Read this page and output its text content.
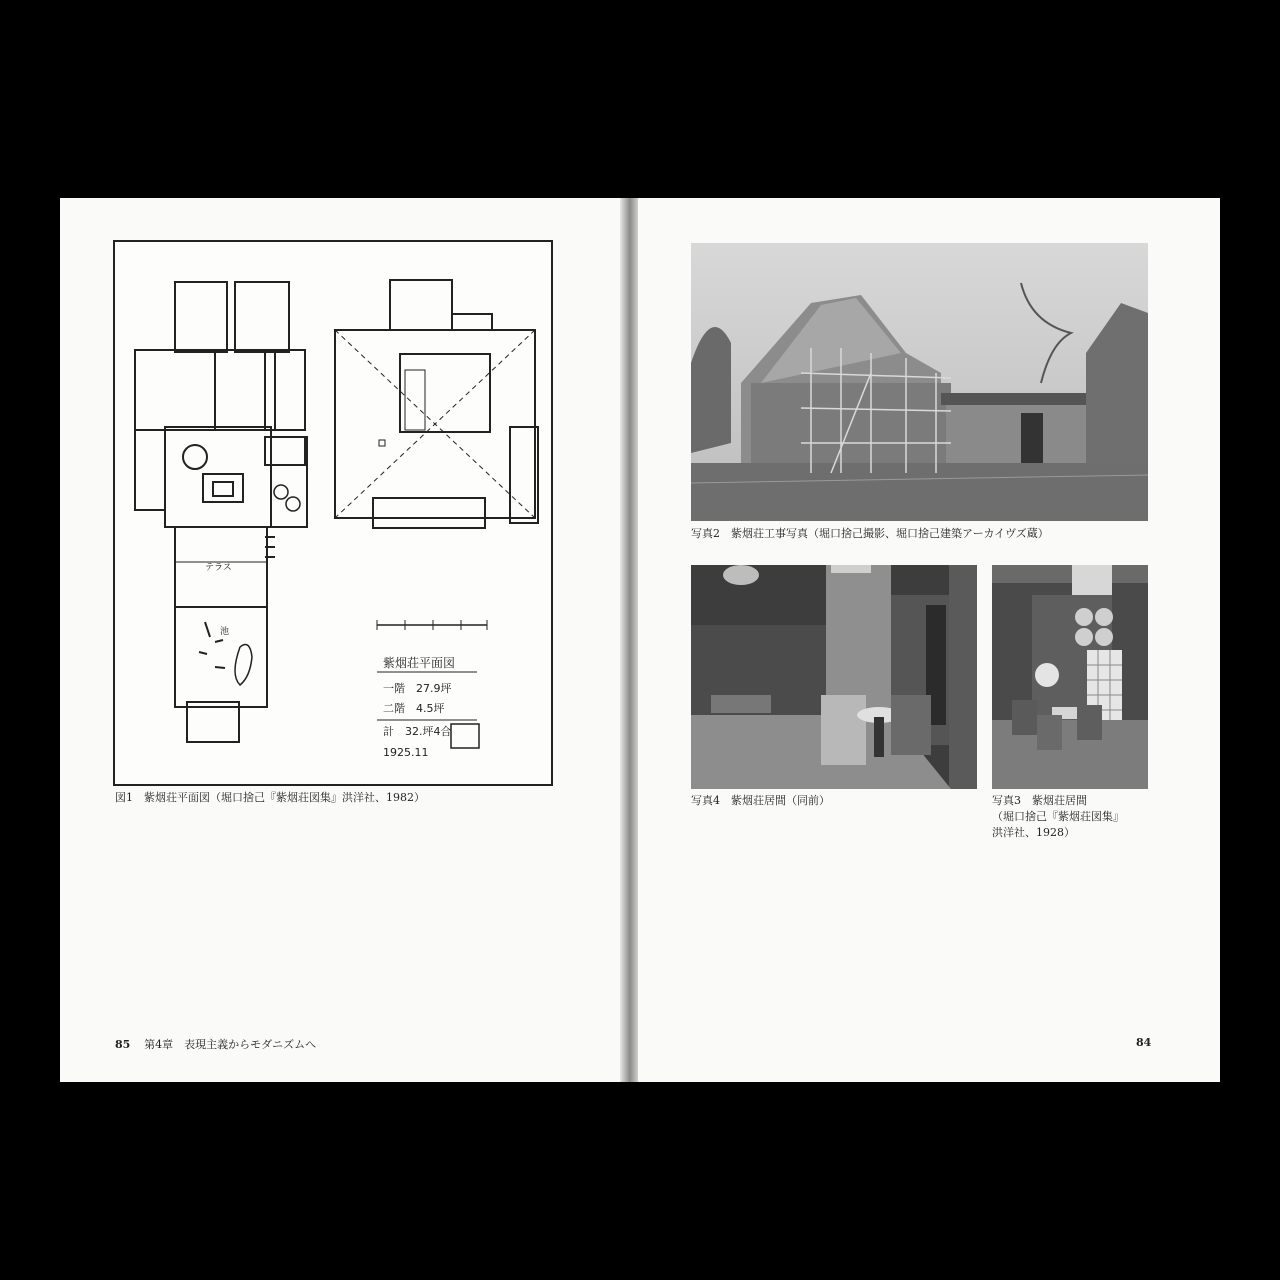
紫烟荘平面図
一階　27.9坪
二階　4.5坪
計　32.坪4合
1925.11
テラス
池
図1　紫烟荘平面図（堀口捨己『紫烟荘図集』洪洋社、1982）
85 第4章　表現主義からモダニズムへ
写真2　紫烟荘工事写真（堀口捨己撮影、堀口捨己建築アーカイヴズ蔵）
写真4　紫烟荘居間（同前）	写真3　紫烟荘居間
（堀口捨己『紫烟荘図集』
洪洋社、1928）
84
